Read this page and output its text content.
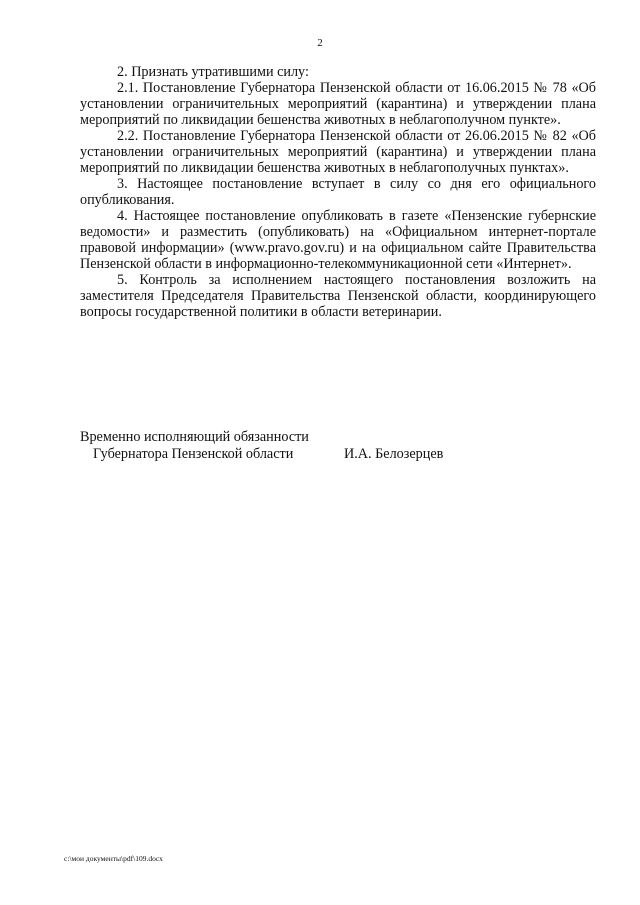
2

2. Признать утратившими силу:

2.1. Постановление Губернатора Пензенской области от 16.06.2015 № 78 «Об установлении ограничительных мероприятий (карантина) и утверждении плана мероприятий по ликвидации бешенства животных в неблагополучном пункте».

2.2. Постановление Губернатора Пензенской области от 26.06.2015 № 82 «Об установлении ограничительных мероприятий (карантина) и утверждении плана мероприятий по ликвидации бешенства животных в неблагополучных пунктах».

3. Настоящее постановление вступает в силу со дня его официального опубликования.

4. Настоящее постановление опубликовать в газете «Пензенские губернские ведомости» и разместить (опубликовать) на «Официальном интернет-портале правовой информации» (www.pravo.gov.ru) и на официальном сайте Правительства Пензенской области в информационно-телекоммуникационной сети «Интернет».

5. Контроль за исполнением настоящего постановления возложить на заместителя Председателя Правительства Пензенской области, координирующего вопросы государственной политики в области ветеринарии.

Временно исполняющий обязанности
Губернатора Пензенской области	И.А. Белозерцев
c:\мои документы\pdf\109.docx
